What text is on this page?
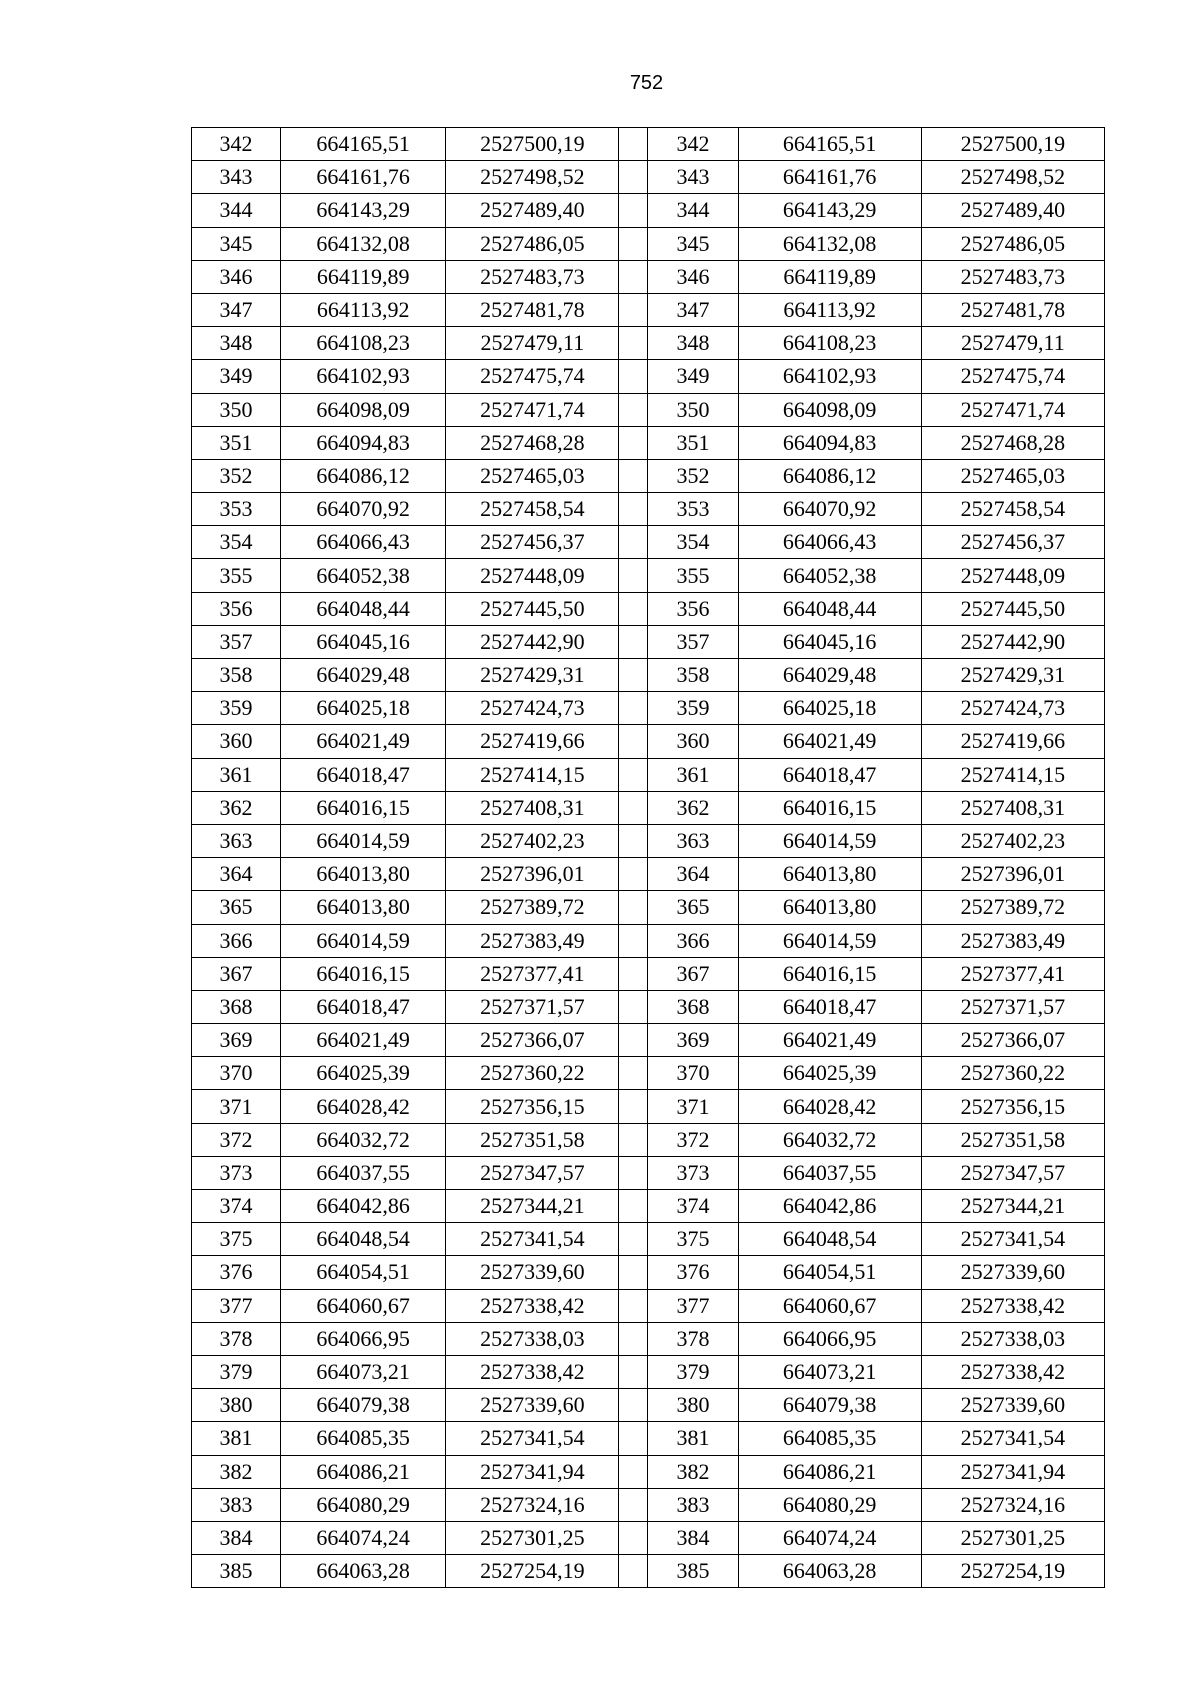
752
342	664165,51	2527500,19		342	664165,51	2527500,19
343	664161,76	2527498,52		343	664161,76	2527498,52
344	664143,29	2527489,40		344	664143,29	2527489,40
345	664132,08	2527486,05		345	664132,08	2527486,05
346	664119,89	2527483,73		346	664119,89	2527483,73
347	664113,92	2527481,78		347	664113,92	2527481,78
348	664108,23	2527479,11		348	664108,23	2527479,11
349	664102,93	2527475,74		349	664102,93	2527475,74
350	664098,09	2527471,74		350	664098,09	2527471,74
351	664094,83	2527468,28		351	664094,83	2527468,28
352	664086,12	2527465,03		352	664086,12	2527465,03
353	664070,92	2527458,54		353	664070,92	2527458,54
354	664066,43	2527456,37		354	664066,43	2527456,37
355	664052,38	2527448,09		355	664052,38	2527448,09
356	664048,44	2527445,50		356	664048,44	2527445,50
357	664045,16	2527442,90		357	664045,16	2527442,90
358	664029,48	2527429,31		358	664029,48	2527429,31
359	664025,18	2527424,73		359	664025,18	2527424,73
360	664021,49	2527419,66		360	664021,49	2527419,66
361	664018,47	2527414,15		361	664018,47	2527414,15
362	664016,15	2527408,31		362	664016,15	2527408,31
363	664014,59	2527402,23		363	664014,59	2527402,23
364	664013,80	2527396,01		364	664013,80	2527396,01
365	664013,80	2527389,72		365	664013,80	2527389,72
366	664014,59	2527383,49		366	664014,59	2527383,49
367	664016,15	2527377,41		367	664016,15	2527377,41
368	664018,47	2527371,57		368	664018,47	2527371,57
369	664021,49	2527366,07		369	664021,49	2527366,07
370	664025,39	2527360,22		370	664025,39	2527360,22
371	664028,42	2527356,15		371	664028,42	2527356,15
372	664032,72	2527351,58		372	664032,72	2527351,58
373	664037,55	2527347,57		373	664037,55	2527347,57
374	664042,86	2527344,21		374	664042,86	2527344,21
375	664048,54	2527341,54		375	664048,54	2527341,54
376	664054,51	2527339,60		376	664054,51	2527339,60
377	664060,67	2527338,42		377	664060,67	2527338,42
378	664066,95	2527338,03		378	664066,95	2527338,03
379	664073,21	2527338,42		379	664073,21	2527338,42
380	664079,38	2527339,60		380	664079,38	2527339,60
381	664085,35	2527341,54		381	664085,35	2527341,54
382	664086,21	2527341,94		382	664086,21	2527341,94
383	664080,29	2527324,16		383	664080,29	2527324,16
384	664074,24	2527301,25		384	664074,24	2527301,25
385	664063,28	2527254,19		385	664063,28	2527254,19
